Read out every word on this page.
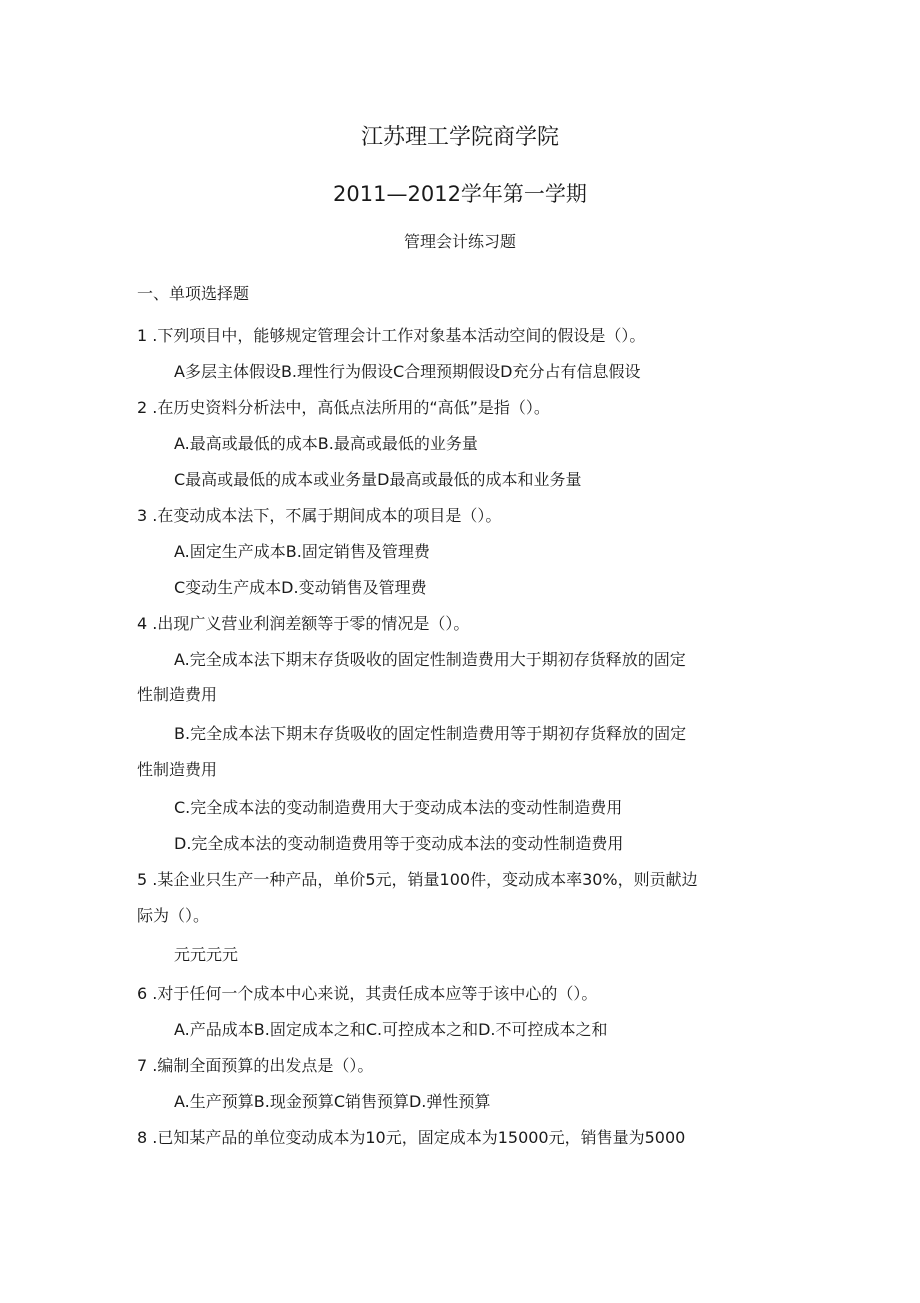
江苏理工学院商学院
2011—2012学年第一学期
管理会计练习题
一、单项选择题
1 .下列项目中，能够规定管理会计工作对象基本活动空间的假设是（）。
A多层主体假设B.理性行为假设C合理预期假设D充分占有信息假设
2 .在历史资料分析法中，高低点法所用的“高低”是指（）。
A.最高或最低的成本B.最高或最低的业务量
C最高或最低的成本或业务量D最高或最低的成本和业务量
3 .在变动成本法下，不属于期间成本的项目是（）。
A.固定生产成本B.固定销售及管理费
C变动生产成本D.变动销售及管理费
4 .出现广义营业利润差额等于零的情况是（）。
A.完全成本法下期末存货吸收的固定性制造费用大于期初存货释放的固定
性制造费用
B.完全成本法下期末存货吸收的固定性制造费用等于期初存货释放的固定
性制造费用
C.完全成本法的变动制造费用大于变动成本法的变动性制造费用
D.完全成本法的变动制造费用等于变动成本法的变动性制造费用
5 .某企业只生产一种产品，单价5元，销量100件，变动成本率30%，则贡献边
际为（）。
元元元元
6 .对于任何一个成本中心来说，其责任成本应等于该中心的（）。
A.产品成本B.固定成本之和C.可控成本之和D.不可控成本之和
7 .编制全面预算的出发点是（）。
A.生产预算B.现金预算C销售预算D.弹性预算
8 .已知某产品的单位变动成本为10元，固定成本为15000元，销售量为5000
